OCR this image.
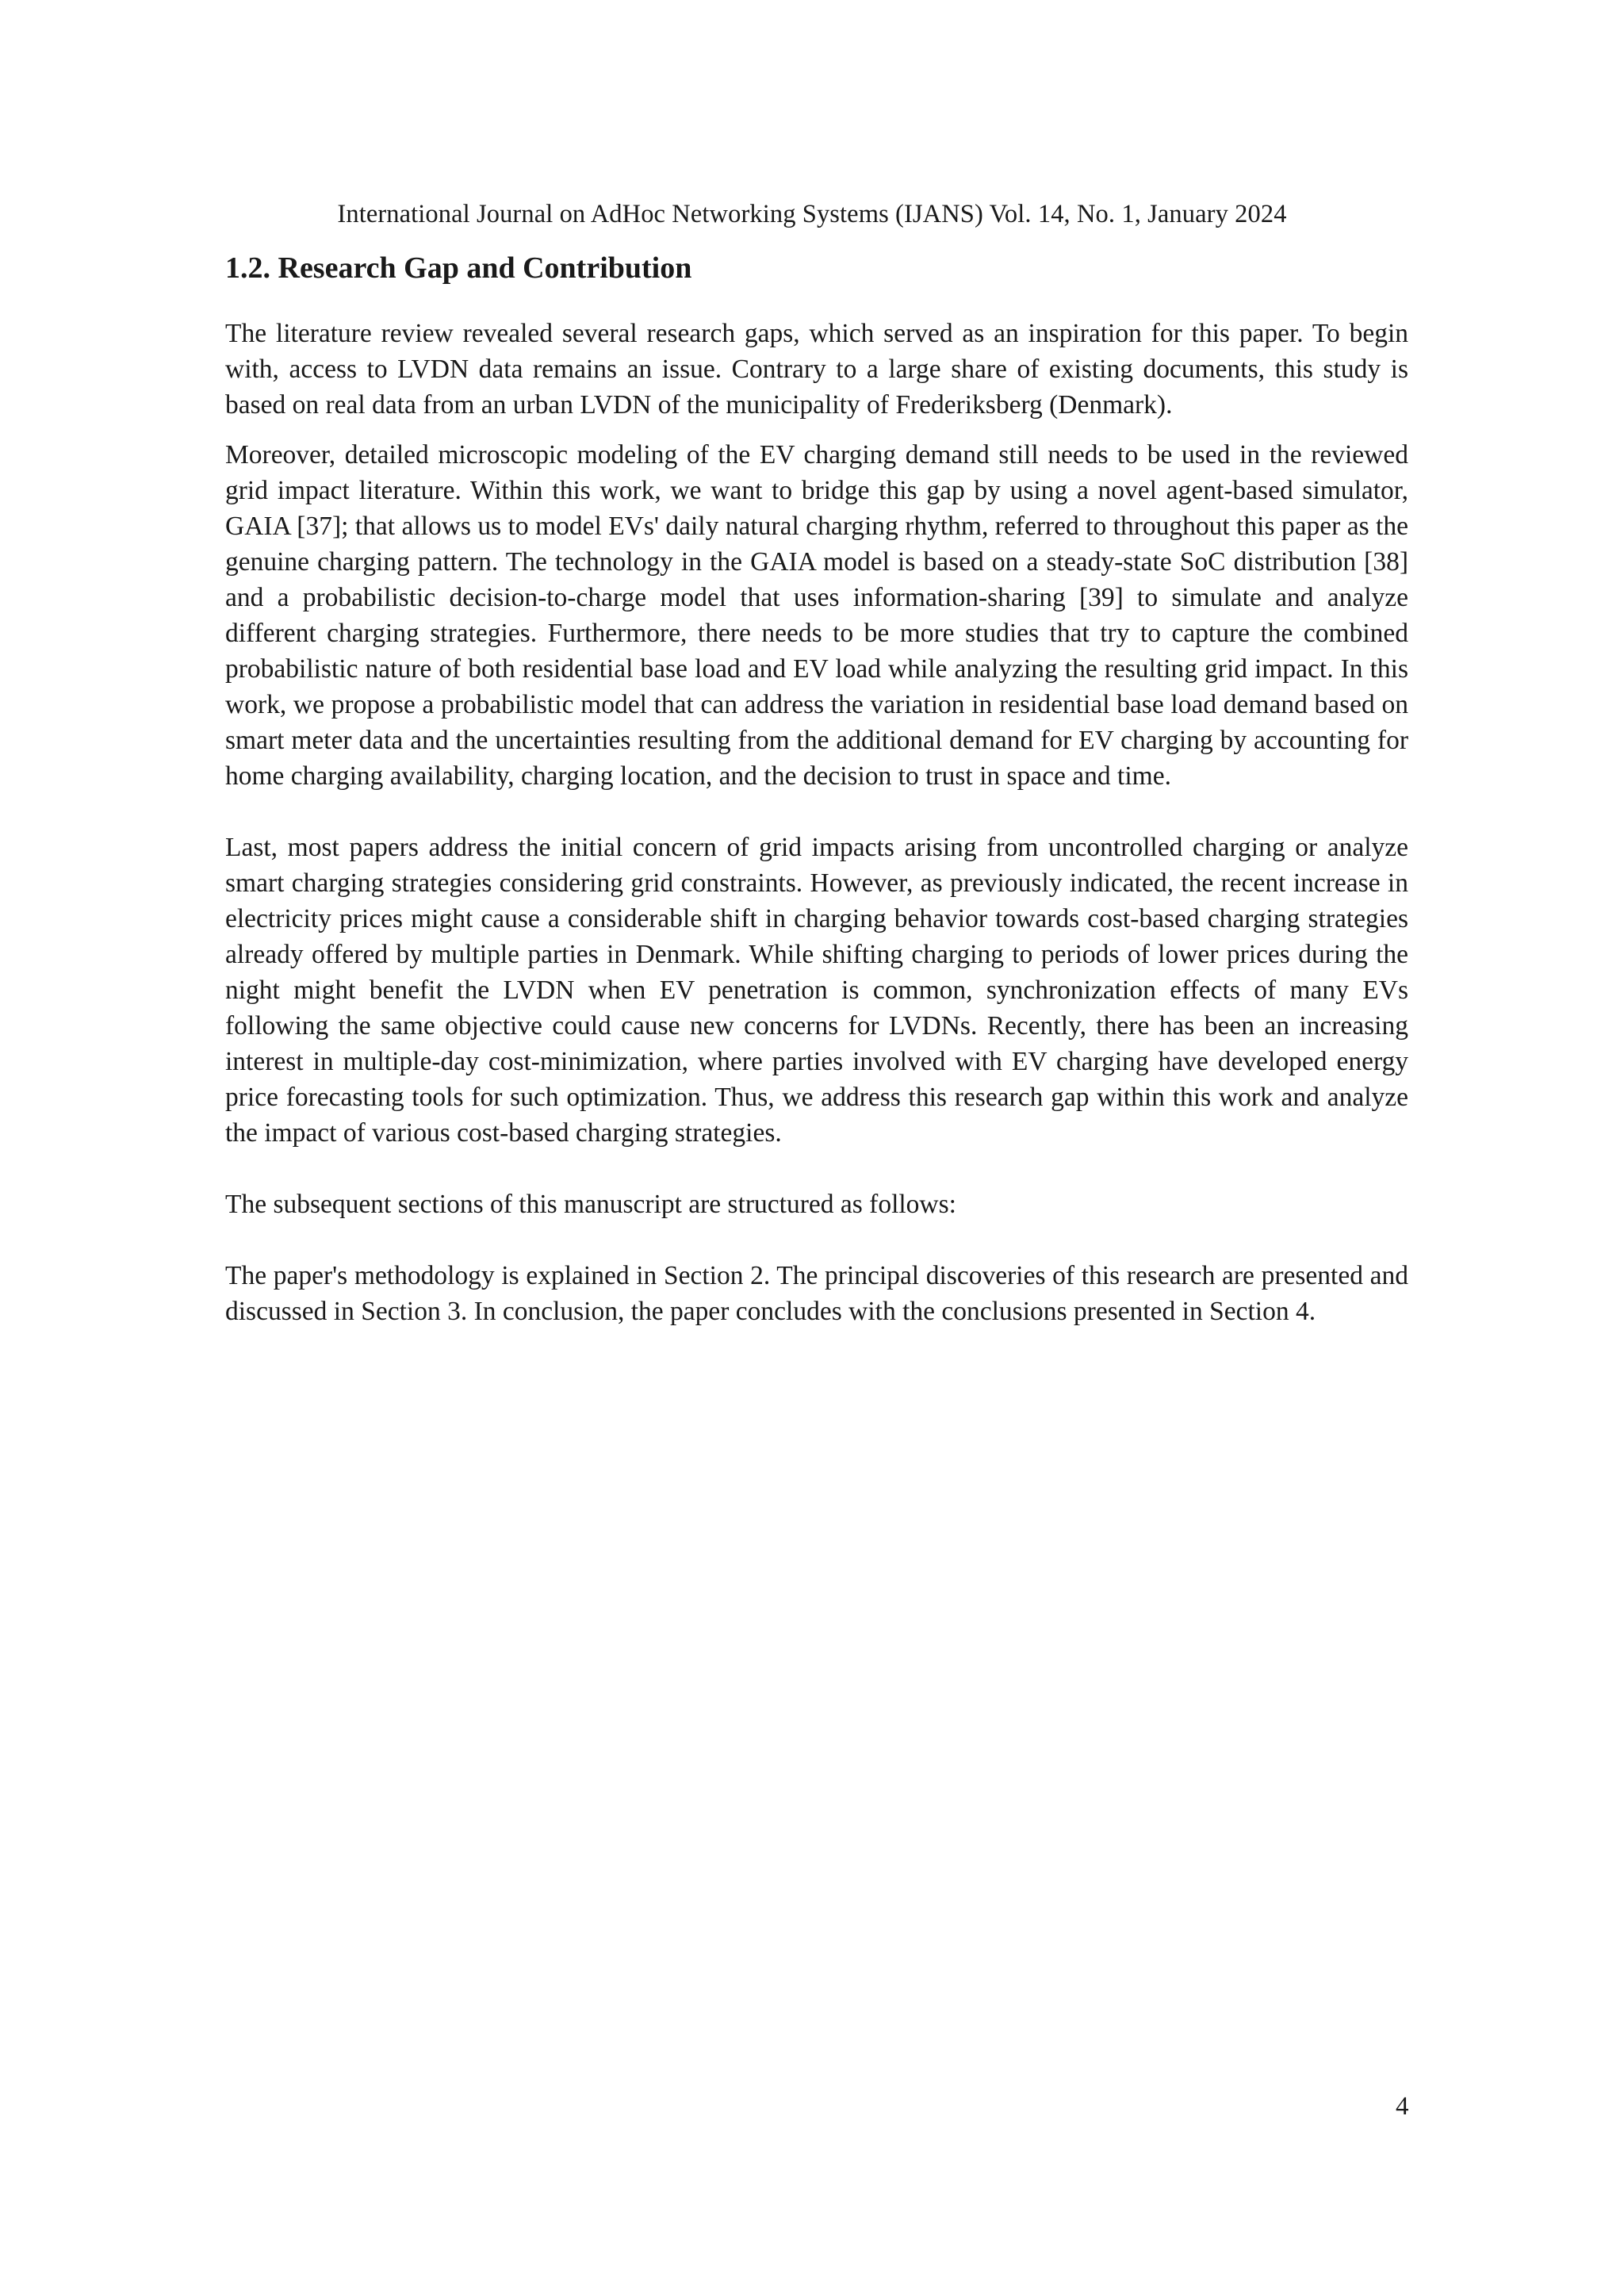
International Journal on AdHoc Networking Systems (IJANS) Vol. 14, No. 1, January 2024
1.2. Research Gap and Contribution

The literature review revealed several research gaps, which served as an inspiration for this paper. To begin with, access to LVDN data remains an issue. Contrary to a large share of existing documents, this study is based on real data from an urban LVDN of the municipality of Frederiksberg (Denmark).

Moreover, detailed microscopic modeling of the EV charging demand still needs to be used in the reviewed grid impact literature. Within this work, we want to bridge this gap by using a novel agent-based simulator, GAIA [37]; that allows us to model EVs' daily natural charging rhythm, referred to throughout this paper as the genuine charging pattern. The technology in the GAIA model is based on a steady-state SoC distribution [38] and a probabilistic decision-to-charge model that uses information-sharing [39] to simulate and analyze different charging strategies. Furthermore, there needs to be more studies that try to capture the combined probabilistic nature of both residential base load and EV load while analyzing the resulting grid impact. In this work, we propose a probabilistic model that can address the variation in residential base load demand based on smart meter data and the uncertainties resulting from the additional demand for EV charging by accounting for home charging availability, charging location, and the decision to trust in space and time.

Last, most papers address the initial concern of grid impacts arising from uncontrolled charging or analyze smart charging strategies considering grid constraints. However, as previously indicated, the recent increase in electricity prices might cause a considerable shift in charging behavior towards cost-based charging strategies already offered by multiple parties in Denmark. While shifting charging to periods of lower prices during the night might benefit the LVDN when EV penetration is common, synchronization effects of many EVs following the same objective could cause new concerns for LVDNs. Recently, there has been an increasing interest in multiple-day cost-minimization, where parties involved with EV charging have developed energy price forecasting tools for such optimization. Thus, we address this research gap within this work and analyze the impact of various cost-based charging strategies.

The subsequent sections of this manuscript are structured as follows:

The paper's methodology is explained in Section 2. The principal discoveries of this research are presented and discussed in Section 3. In conclusion, the paper concludes with the conclusions presented in Section 4.

4
